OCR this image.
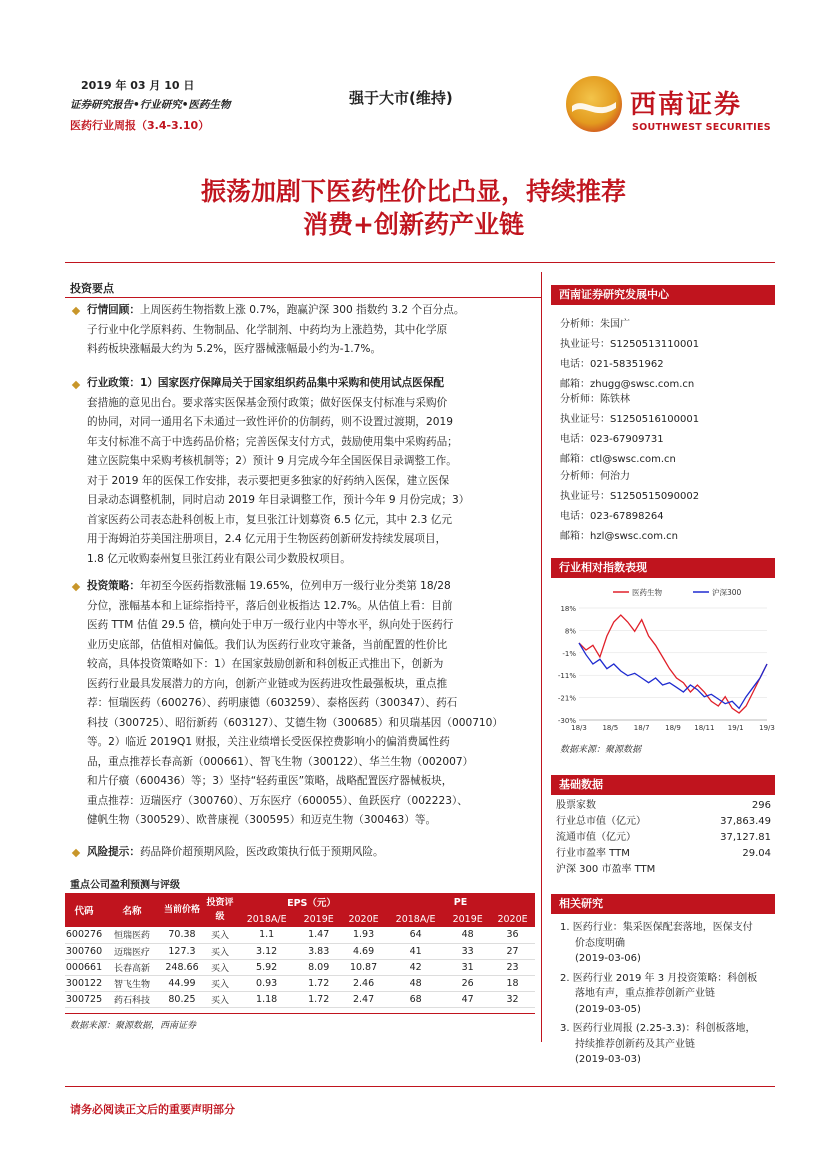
2019 年 03 月 10 日
证券研究报告•行业研究•医药生物
医药行业周报（3.4-3.10）
强于大市(维持)	西南证券
SOUTHWEST SECURITIES
振荡加剧下医药性价比凸显，持续推荐
消费+创新药产业链
投资要点
行情回顾：上周医药生物指数上涨 0.7%，跑赢沪深 300 指数约 3.2 个百分点。
子行业中化学原料药、生物制品、化学制剂、中药均为上涨趋势，其中化学原
料药板块涨幅最大约为 5.2%，医疗器械涨幅最小约为-1.7%。
行业政策：1）国家医疗保障局关于国家组织药品集中采购和使用试点医保配
套措施的意见出台。要求落实医保基金预付政策；做好医保支付标准与采购价
的协同，对同一通用名下未通过一致性评价的仿制药，则不设置过渡期，2019
年支付标准不高于中选药品价格；完善医保支付方式，鼓励使用集中采购药品；
建立医院集中采购考核机制等；2）预计 9 月完成今年全国医保目录调整工作。
对于 2019 年的医保工作安排，表示要把更多独家的好药纳入医保，建立医保
目录动态调整机制，同时启动 2019 年目录调整工作，预计今年 9 月份完成；3）
首家医药公司表态赴科创板上市，复旦张江计划募资 6.5 亿元，其中 2.3 亿元
用于海姆泊芬美国注册项目，2.4 亿元用于生物医药创新研发持续发展项目，
1.8 亿元收购泰州复旦张江药业有限公司少数股权项目。
投资策略：年初至今医药指数涨幅 19.65%，位列申万一级行业分类第 18/28
分位，涨幅基本和上证综指持平，落后创业板指达 12.7%。从估值上看：目前
医药 TTM 估值 29.5 倍，横向处于申万一级行业内中等水平，纵向处于医药行
业历史底部，估值相对偏低。我们认为医药行业攻守兼备，当前配置的性价比
较高，具体投资策略如下：1）在国家鼓励创新和科创板正式推出下，创新为
医药行业最具发展潜力的方向，创新产业链或为医药进攻性最强板块，重点推
荐：恒瑞医药（600276）、药明康德（603259）、泰格医药（300347）、药石
科技（300725）、昭衍新药（603127）、艾德生物（300685）和贝瑞基因（000710）
等。2）临近 2019Q1 财报，关注业绩增长受医保控费影响小的偏消费属性药
品，重点推荐长春高新（000661）、智飞生物（300122）、华兰生物（002007）
和片仔癀（600436）等；3）坚持“轻药重医”策略，战略配置医疗器械板块，
重点推荐：迈瑞医疗（300760）、万东医疗（600055）、鱼跃医疗（002223）、
健帆生物（300529）、欧普康视（300595）和迈克生物（300463）等。
风险提示：药品降价超预期风险，医改政策执行低于预期风险。
重点公司盈利预测与评级
代码	名称	当前价格	投资评级	EPS（元）			PE		
				2018A/E	2019E	2020E	2018A/E	2019E	2020E
600276	恒瑞医药	70.38	买入	1.1	1.47	1.93	64	48	36
300760	迈瑞医疗	127.3	买入	3.12	3.83	4.69	41	33	27
000661	长春高新	248.66	买入	5.92	8.09	10.87	42	31	23
300122	智飞生物	44.99	买入	0.93	1.72	2.46	48	26	18
300725	药石科技	80.25	买入	1.18	1.72	2.47	68	47	32
数据来源：聚源数据，西南证券
西南证券研究发展中心
分析师：朱国广
执业证号：S1250513110001
电话：021-58351962
邮箱：zhugg@swsc.com.cn
分析师：陈铁林
执业证号：S1250516100001
电话：023-67909731
邮箱：ctl@swsc.com.cn
分析师：何治力
执业证号：S1250515090002
电话：023-67898264
邮箱：hzl@swsc.com.cn
行业相对指数表现
18%
8%
-1%
-11%
-21%
-30%
18/3 18/5 18/7 18/9 18/11 19/1 19/3
医药生物	沪深300
数据来源：聚源数据
基础数据
股票家数	296
行业总市值（亿元）	37,863.49
流通市值（亿元）	37,127.81
行业市盈率 TTM	29.04
沪深 300 市盈率 TTM
相关研究
1. 医药行业：集采医保配套落地，医保支付
价态度明确
(2019-03-06)
2. 医药行业 2019 年 3 月投资策略：科创板
落地有声，重点推荐创新产业链
(2019-03-05)
3. 医药行业周报 (2.25-3.3)：科创板落地，
持续推荐创新药及其产业链
(2019-03-03)
请务必阅读正文后的重要声明部分
